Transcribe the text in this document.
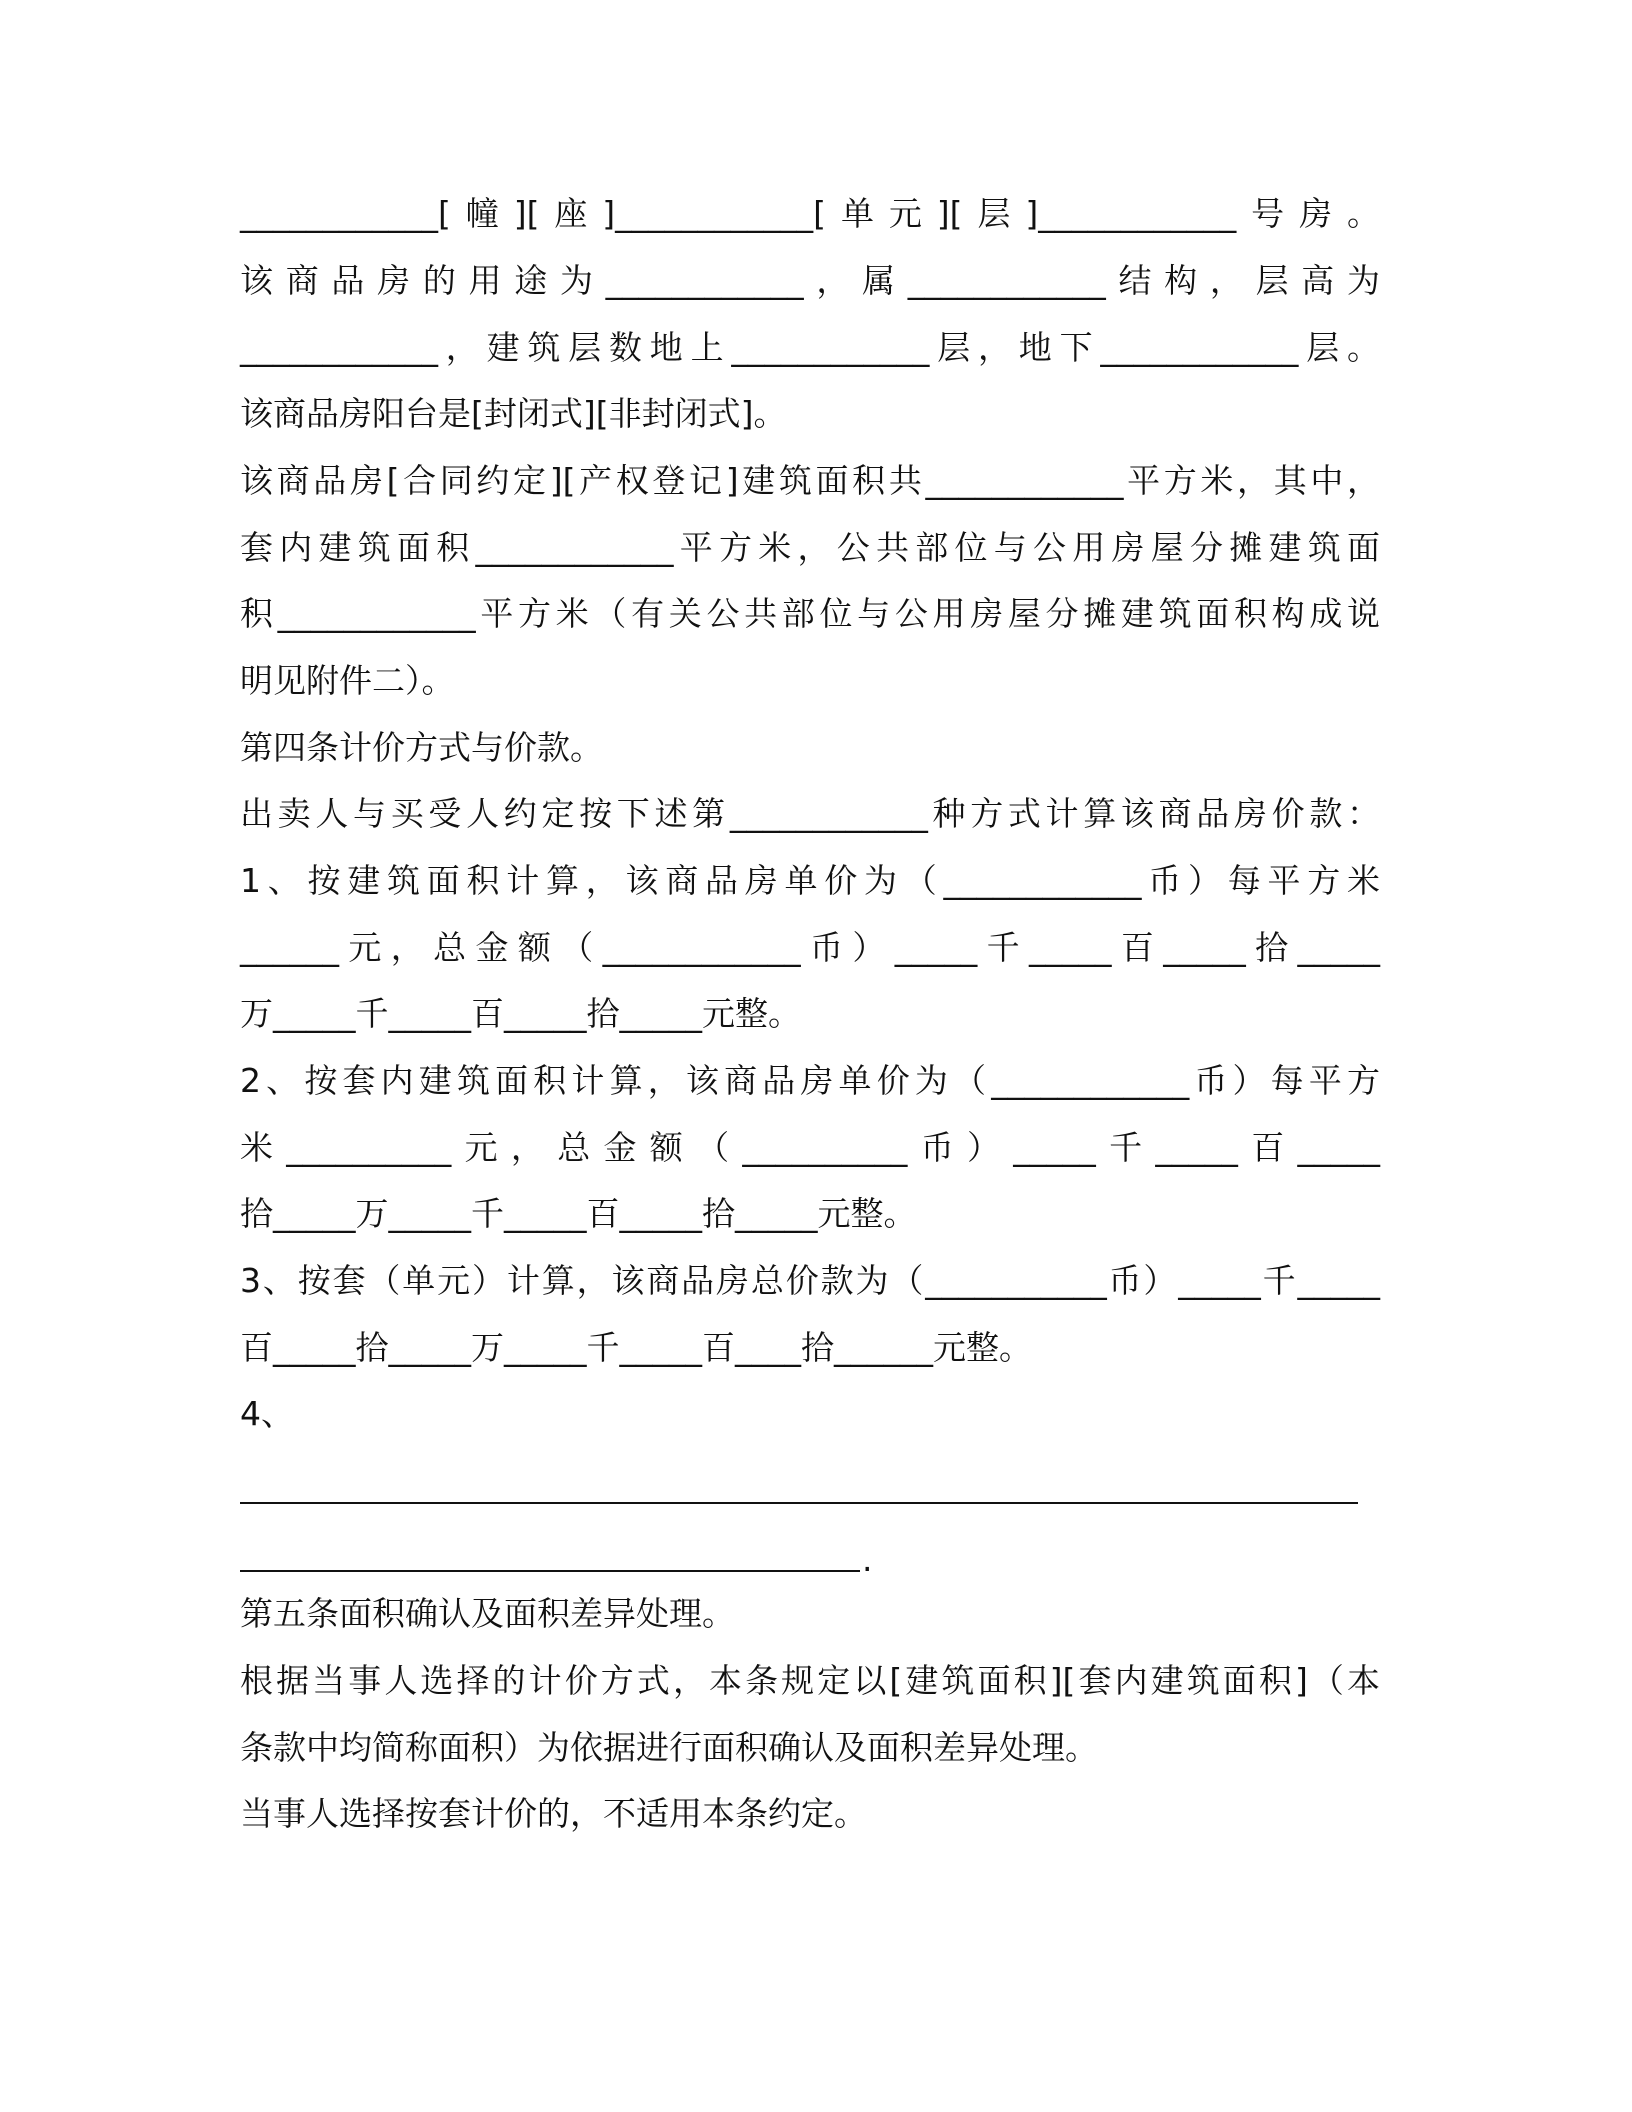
____________[幢][座]____________[单元][层]____________号房。
该商品房的用途为____________，属____________结构，层高为
____________，建筑层数地上____________层，地下____________层。
该商品房阳台是[封闭式][非封闭式]。
该商品房[合同约定][产权登记]建筑面积共____________平方米，其中，
套内建筑面积____________平方米，公共部位与公用房屋分摊建筑面
积____________平方米（有关公共部位与公用房屋分摊建筑面积构成说
明见附件二）。
第四条计价方式与价款。
出卖人与买受人约定按下述第____________种方式计算该商品房价款：
1、按建筑面积计算，该商品房单价为（____________币）每平方米
______元，总金额（____________币）_____千_____百_____拾_____
万_____千_____百_____拾_____元整。
2、按套内建筑面积计算，该商品房单价为（____________币）每平方
米__________元，总金额（__________币）_____千_____百_____
拾_____万_____千_____百_____拾_____元整。
3、按套（单元）计算，该商品房总价款为（___________币）_____千_____
百_____拾_____万_____千_____百____拾______元整。
4、
.
第五条面积确认及面积差异处理。
根据当事人选择的计价方式，本条规定以[建筑面积][套内建筑面积]（本
条款中均简称面积）为依据进行面积确认及面积差异处理。
当事人选择按套计价的，不适用本条约定。
